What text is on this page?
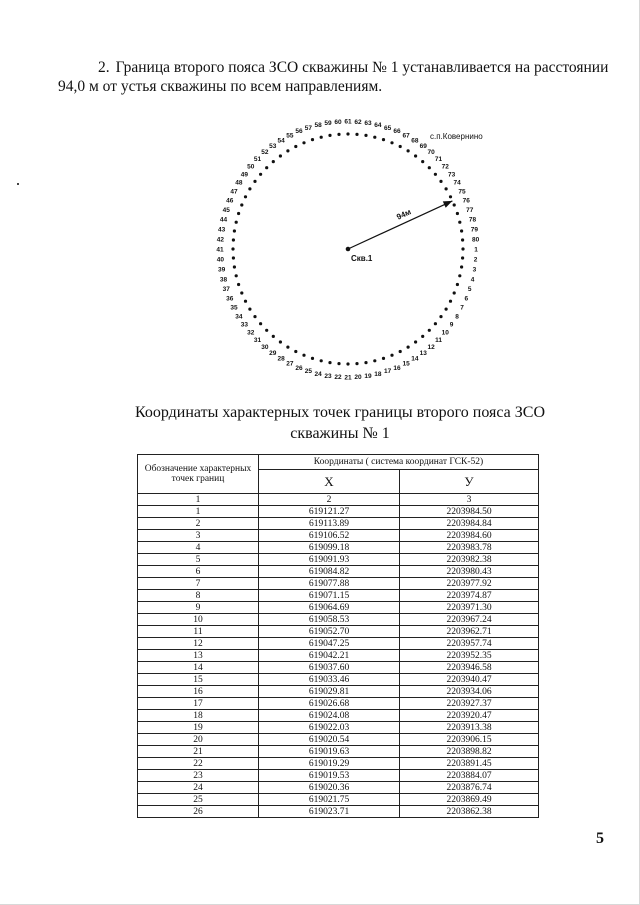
2. Граница второго пояса ЗСО скважины № 1 устанавливается на расстоянии 94,0 м от устья скважины по всем направлениям.
1
2
3
4
5
6
7
8
9
10
11
12
13
14
15
16
17
18
19
20
21
22
23
24
25
26
27
28
29
30
31
32
33
34
35
36
37
38
39
40
41
42
43
44
45
46
47
48
49
50
51
52
53
54
55
56 57 58 59 60 61 62 63 64 65 66
67
68
69
70
71
72
73
74
75
76
77
78
79
80
Скв.1
94м
с.п.Ковернино
Координаты характерных точек границы второго пояса ЗСО
скважины № 1
Обозначение характерных точек границ	Координаты ( система координат ГСК-52)	
	X	У
1	2	3
1	619121.27	2203984.50
2	619113.89	2203984.84
3	619106.52	2203984.60
4	619099.18	2203983.78
5	619091.93	2203982.38
6	619084.82	2203980.43
7	619077.88	2203977.92
8	619071.15	2203974.87
9	619064.69	2203971.30
10	619058.53	2203967.24
11	619052.70	2203962.71
12	619047.25	2203957.74
13	619042.21	2203952.35
14	619037.60	2203946.58
15	619033.46	2203940.47
16	619029.81	2203934.06
17	619026.68	2203927.37
18	619024.08	2203920.47
19	619022.03	2203913.38
20	619020.54	2203906.15
21	619019.63	2203898.82
22	619019.29	2203891.45
23	619019.53	2203884.07
24	619020.36	2203876.74
25	619021.75	2203869.49
26	619023.71	2203862.38
5
